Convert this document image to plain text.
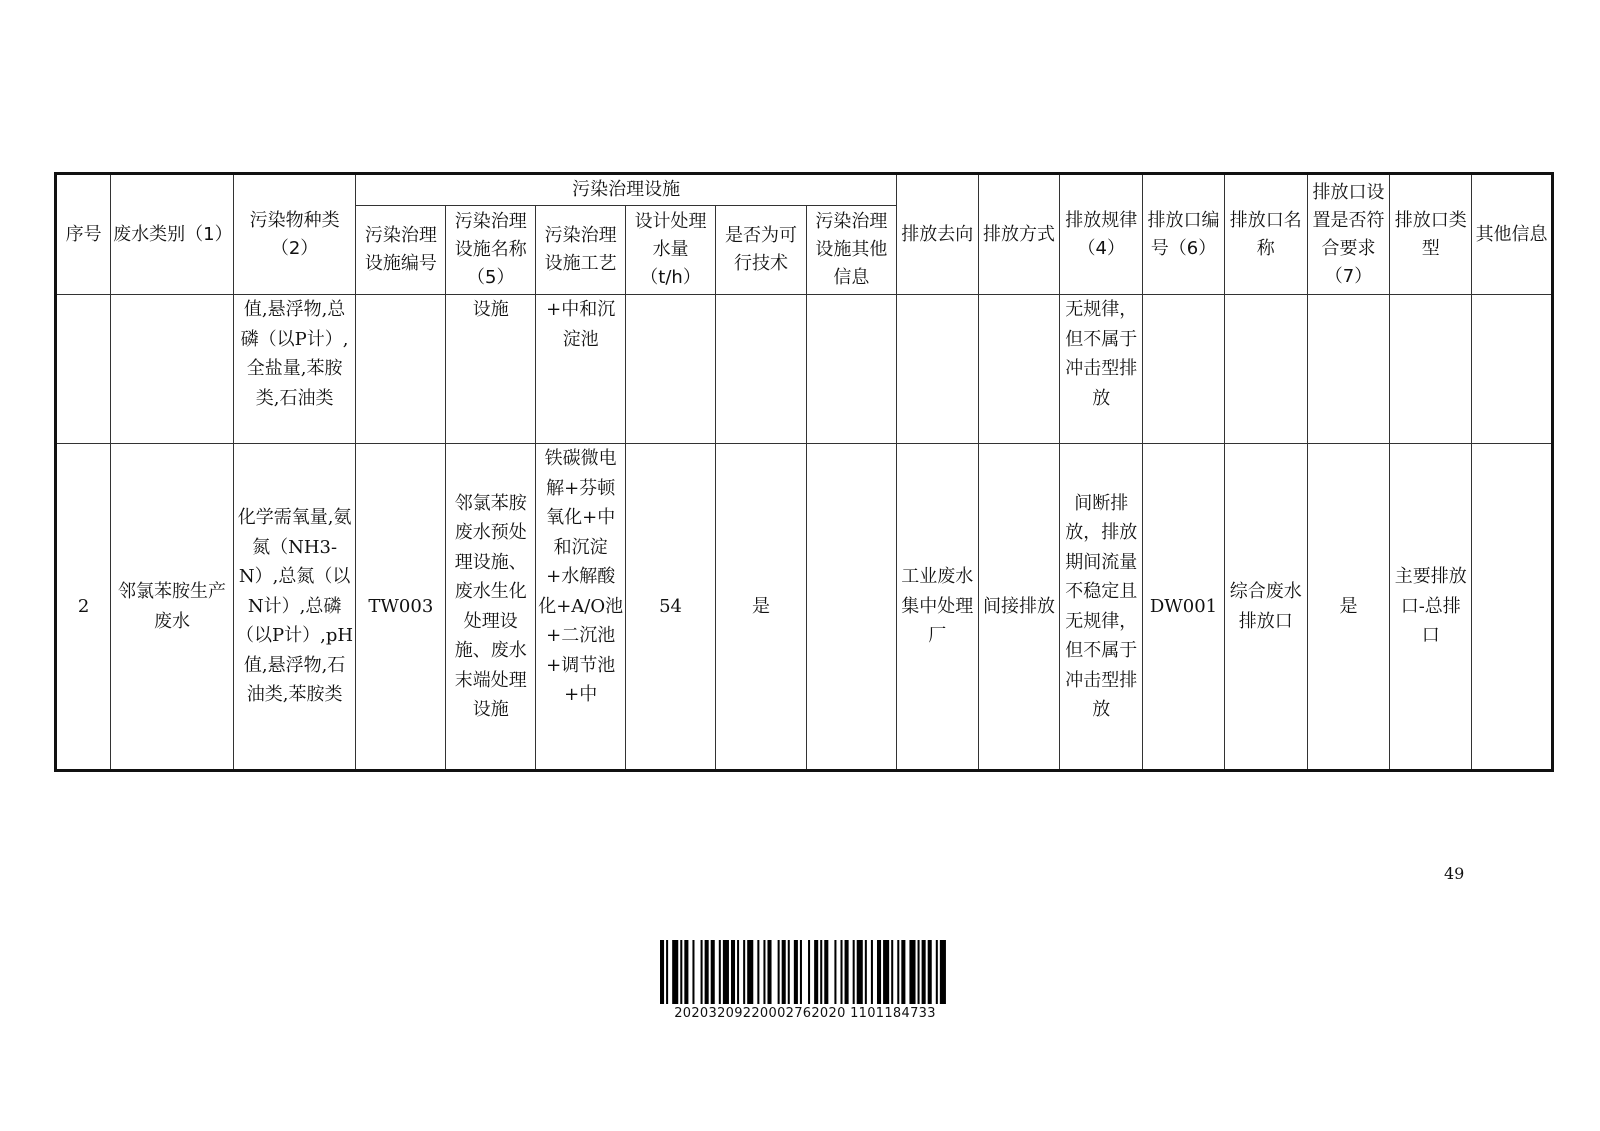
序号	废水类别（1）	污染物种类（2）	污染治理设施						排放去向	排放方式	排放规律（4）	排放口编号（6）	排放口名称	排放口设置是否符合要求（7）	排放口类型	其他信息
			污染治理设施编号	污染治理设施名称（5）	污染治理设施工艺	设计处理水量（t/h）	是否为可行技术	污染治理设施其他信息								
		值,悬浮物,总磷（以P计）,全盐量,苯胺类,石油类		设施	+中和沉淀池						无规律，但不属于冲击型排放					
2	邻氯苯胺生产废水	化学需氧量,氨氮（NH3-N）,总氮（以N计）,总磷（以P计）,pH值,悬浮物,石油类,苯胺类	TW003	邻氯苯胺废水预处理设施、废水生化处理设施、废水末端处理设施	铁碳微电解+芬顿氧化+中和沉淀+水解酸化+A/O池+二沉池+调节池+中	54	是		工业废水集中处理厂	间接排放	间断排放，排放期间流量不稳定且无规律，但不属于冲击型排放	DW001	综合废水排放口	是	主要排放口-总排口	
49
20203209220002762020 1101184733
